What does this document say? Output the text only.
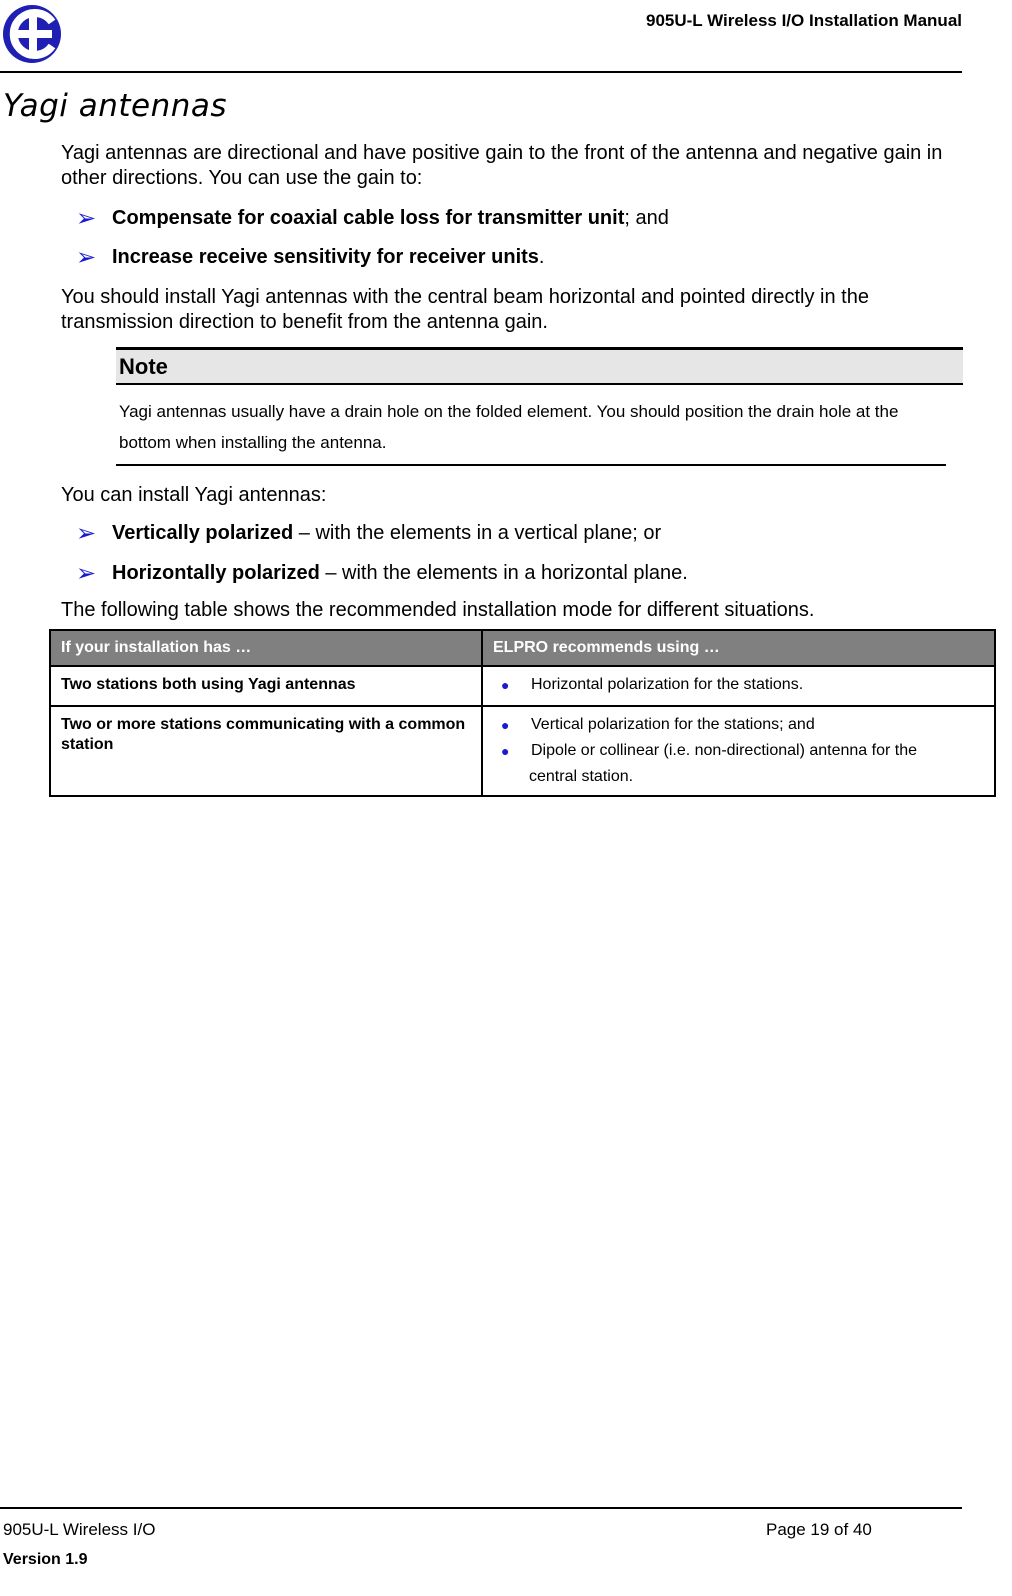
905U-L Wireless I/O Installation Manual
Yagi antennas
Yagi antennas are directional and have positive gain to the front of the antenna and negative gain in other directions. You can use the gain to:
➢ Compensate for coaxial cable loss for transmitter unit; and
➢ Increase receive sensitivity for receiver units.
You should install Yagi antennas with the central beam horizontal and pointed directly in the transmission direction to benefit from the antenna gain.
Note
Yagi antennas usually have a drain hole on the folded element. You should position the drain hole at the bottom when installing the antenna.
You can install Yagi antennas:
➢ Vertically polarized – with the elements in a vertical plane; or
➢ Horizontally polarized – with the elements in a horizontal plane.
The following table shows the recommended installation mode for different situations.
If your installation has …	ELPRO recommends using …
Two stations both using Yagi antennas	● Horizontal polarization for the stations.

Two or more stations communicating with a common station	● Vertical polarization for the stations; and
● Dipole or collinear (i.e. non-directional) antenna for the
central station.
905U-L Wireless I/O	Page 19 of 40
Version 1.9
